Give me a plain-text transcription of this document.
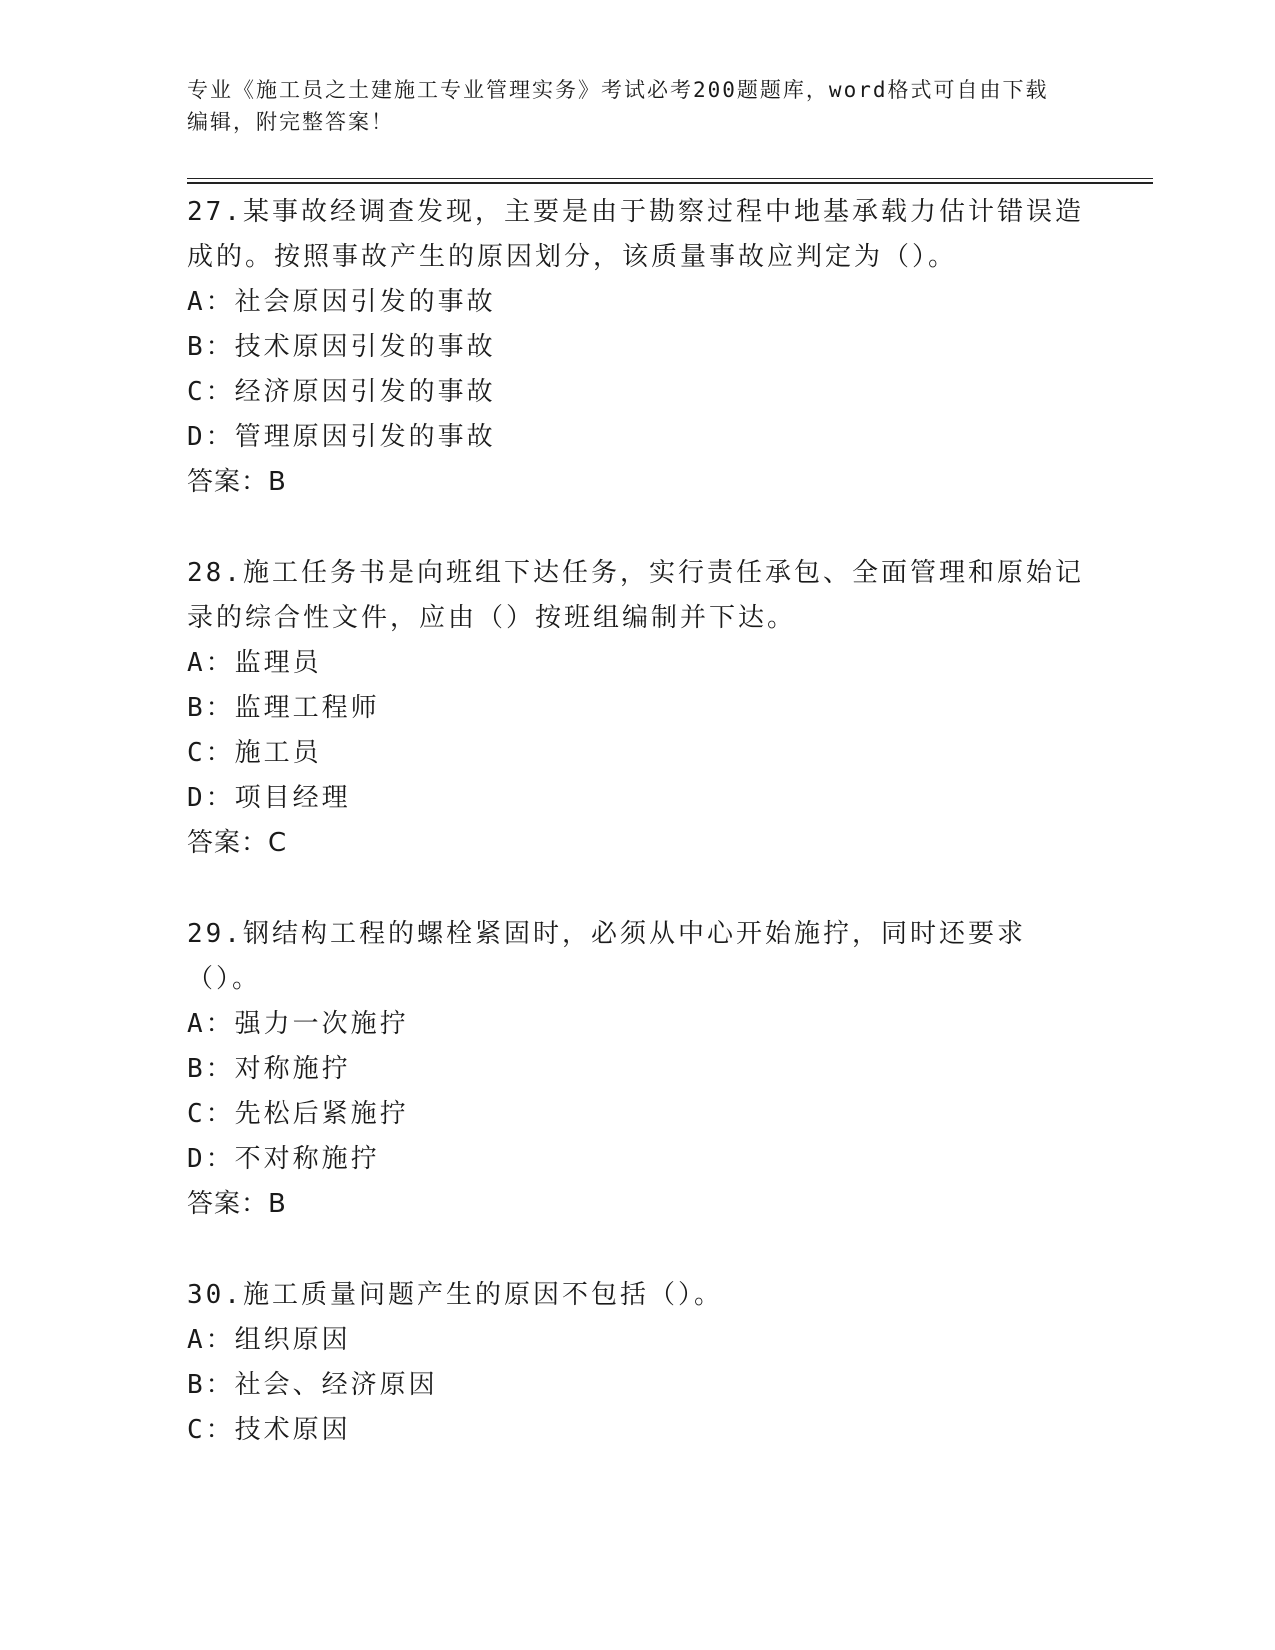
专业《施工员之土建施工专业管理实务》考试必考200题题库，word格式可自由下载编辑，附完整答案！
27.某事故经调查发现，主要是由于勘察过程中地基承载力估计错误造成的。按照事故产生的原因划分，该质量事故应判定为（）。
A：社会原因引发的事故
B：技术原因引发的事故
C：经济原因引发的事故
D：管理原因引发的事故
答案：B
28.施工任务书是向班组下达任务，实行责任承包、全面管理和原始记录的综合性文件，应由（）按班组编制并下达。
A：监理员
B：监理工程师
C：施工员
D：项目经理
答案：C
29.钢结构工程的螺栓紧固时，必须从中心开始施拧，同时还要求（）。
A：强力一次施拧
B：对称施拧
C：先松后紧施拧
D：不对称施拧
答案：B
30.施工质量问题产生的原因不包括（）。
A：组织原因
B：社会、经济原因
C：技术原因
